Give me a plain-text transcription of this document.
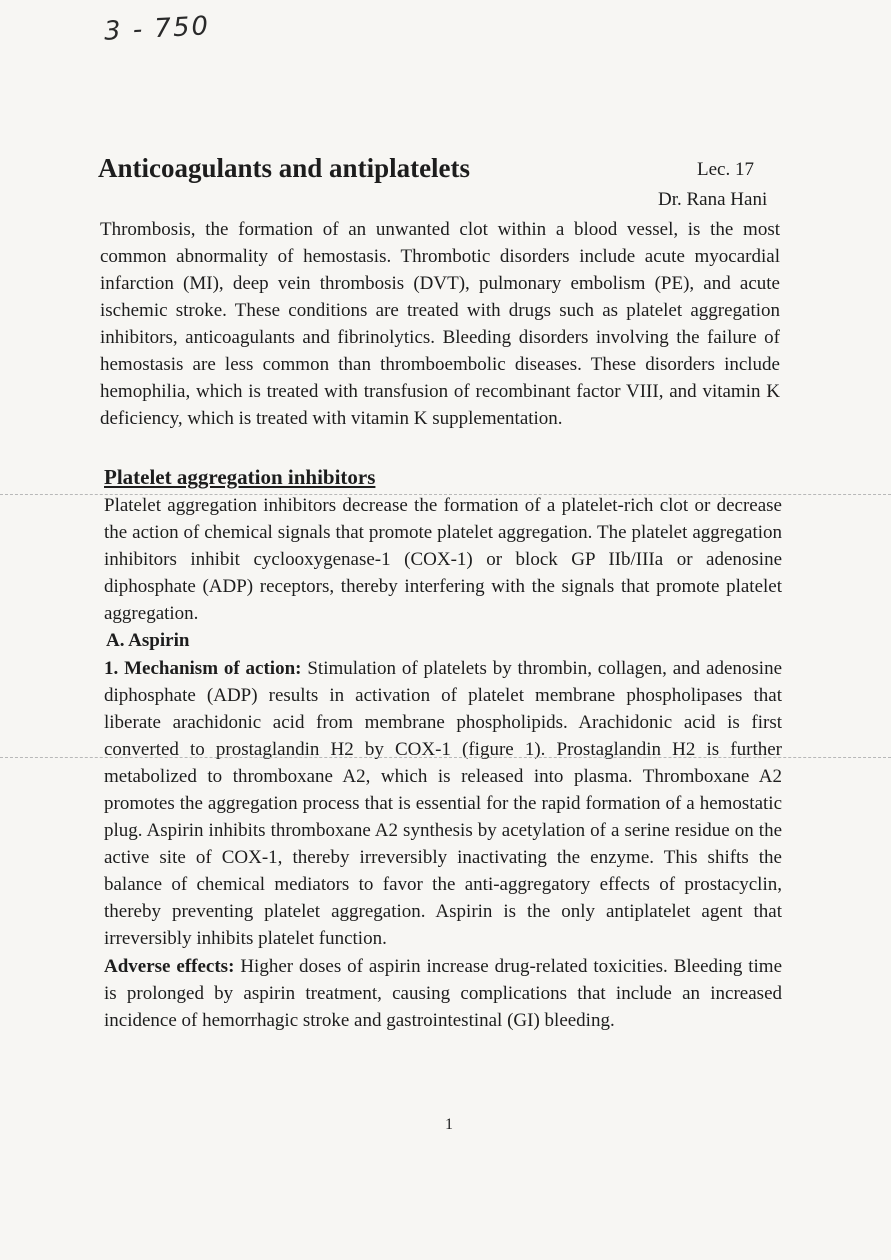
3 - 750
Anticoagulants and antiplatelets	Lec. 17
Dr. Rana Hani

Thrombosis, the formation of an unwanted clot within a blood vessel, is the most common abnormality of hemostasis. Thrombotic disorders include acute myocardial infarction (MI), deep vein thrombosis (DVT), pulmonary embolism (PE), and acute ischemic stroke. These conditions are treated with drugs such as platelet aggregation inhibitors, anticoagulants and fibrinolytics. Bleeding disorders involving the failure of hemostasis are less common than thromboembolic diseases. These disorders include hemophilia, which is treated with transfusion of recombinant factor VIII, and vitamin K deficiency, which is treated with vitamin K supplementation.

Platelet aggregation inhibitors

Platelet aggregation inhibitors decrease the formation of a platelet-rich clot or decrease the action of chemical signals that promote platelet aggregation. The platelet aggregation inhibitors inhibit cyclooxygenase-1 (COX-1) or block GP IIb/IIIa or adenosine diphosphate (ADP) receptors, thereby interfering with the signals that promote platelet aggregation.

A. Aspirin

1. Mechanism of action: Stimulation of platelets by thrombin, collagen, and adenosine diphosphate (ADP) results in activation of platelet membrane phospholipases that liberate arachidonic acid from membrane phospholipids. Arachidonic acid is first converted to prostaglandin H2 by COX-1 (figure 1). Prostaglandin H2 is further metabolized to thromboxane A2, which is released into plasma. Thromboxane A2 promotes the aggregation process that is essential for the rapid formation of a hemostatic plug. Aspirin inhibits thromboxane A2 synthesis by acetylation of a serine residue on the active site of COX-1, thereby irreversibly inactivating the enzyme. This shifts the balance of chemical mediators to favor the anti-aggregatory effects of prostacyclin, thereby preventing platelet aggregation. Aspirin is the only antiplatelet agent that irreversibly inhibits platelet function.

Adverse effects: Higher doses of aspirin increase drug-related toxicities. Bleeding time is prolonged by aspirin treatment, causing complications that include an increased incidence of hemorrhagic stroke and gastrointestinal (GI) bleeding.

1
